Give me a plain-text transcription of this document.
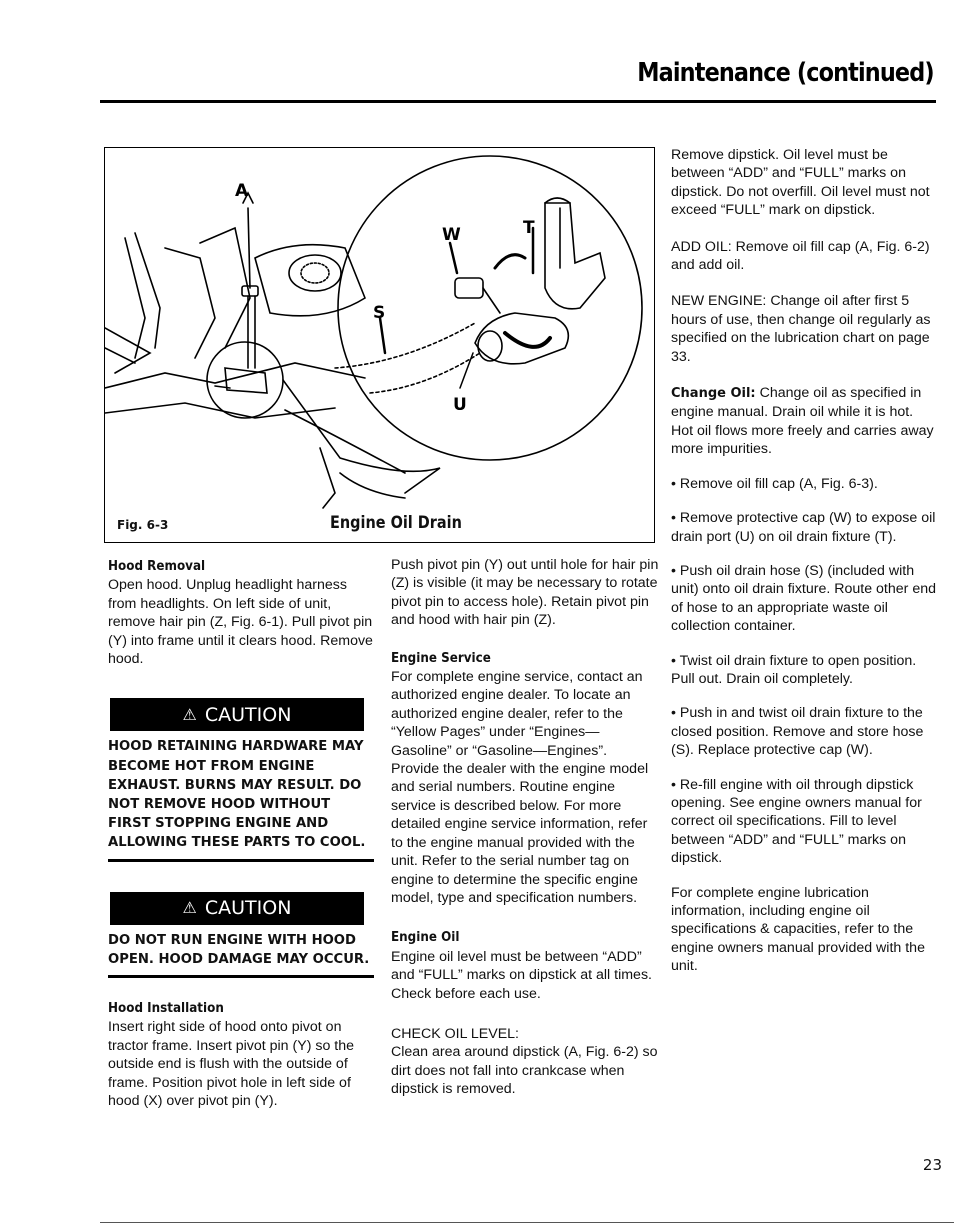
Maintenance (continued)
A
W	T
S
U
Fig. 6-3	Engine Oil Drain
Hood Removal

Open hood. Unplug headlight harness from headlights. On left side of unit, remove hair pin (Z, Fig. 6-1). Pull pivot pin (Y) into frame until it clears hood. Remove hood.

⚠ CAUTION
HOOD RETAINING HARDWARE MAY BECOME HOT FROM ENGINE EXHAUST. BURNS MAY RESULT. DO NOT REMOVE HOOD WITHOUT FIRST STOPPING ENGINE AND ALLOWING THESE PARTS TO COOL.
⚠ CAUTION
DO NOT RUN ENGINE WITH HOOD OPEN. HOOD DAMAGE MAY OCCUR.
Hood Installation

Insert right side of hood onto pivot on tractor frame. Insert pivot pin (Y) so the outside end is flush with the outside of frame. Position pivot hole in left side of hood (X) over pivot pin (Y).

Push pivot pin (Y) out until hole for hair pin (Z) is visible (it may be necessary to rotate pivot pin to access hole). Retain pivot pin and hood with hair pin (Z).

Engine Service

For complete engine service, contact an authorized engine dealer. To locate an authorized engine dealer, refer to the “Yellow Pages” under “Engines—Gasoline” or “Gasoline—Engines”. Provide the dealer with the engine model and serial numbers. Routine engine service is described below. For more detailed engine service information, refer to the engine manual provided with the unit. Refer to the serial number tag on engine to determine the specific engine model, type and specification numbers.

Engine Oil

Engine oil level must be between “ADD” and “FULL” marks on dipstick at all times. Check before each use.

CHECK OIL LEVEL:

Clean area around dipstick (A, Fig. 6-2) so dirt does not fall into crankcase when dipstick is removed.

Remove dipstick. Oil level must be between “ADD” and “FULL” marks on dipstick. Do not overfill. Oil level must not exceed “FULL” mark on dipstick.

ADD OIL: Remove oil fill cap (A, Fig. 6-2) and add oil.

NEW ENGINE: Change oil after first 5 hours of use, then change oil regularly as specified on the lubrication chart on page 33.

Change Oil: Change oil as specified in engine manual. Drain oil while it is hot. Hot oil flows more freely and carries away more impurities.

• Remove oil fill cap (A, Fig. 6-3).

• Remove protective cap (W) to expose oil drain port (U) on oil drain fixture (T).

• Push oil drain hose (S) (included with unit) onto oil drain fixture. Route other end of hose to an appropriate waste oil collection container.

• Twist oil drain fixture to open position. Pull out. Drain oil completely.

• Push in and twist oil drain fixture to the closed position. Remove and store hose (S). Replace protective cap (W).

• Re-fill engine with oil through dipstick opening. See engine owners manual for correct oil specifications. Fill to level between “ADD” and “FULL” marks on dipstick.

For complete engine lubrication information, including engine oil specifications & capacities, refer to the engine owners manual provided with the unit.

23
